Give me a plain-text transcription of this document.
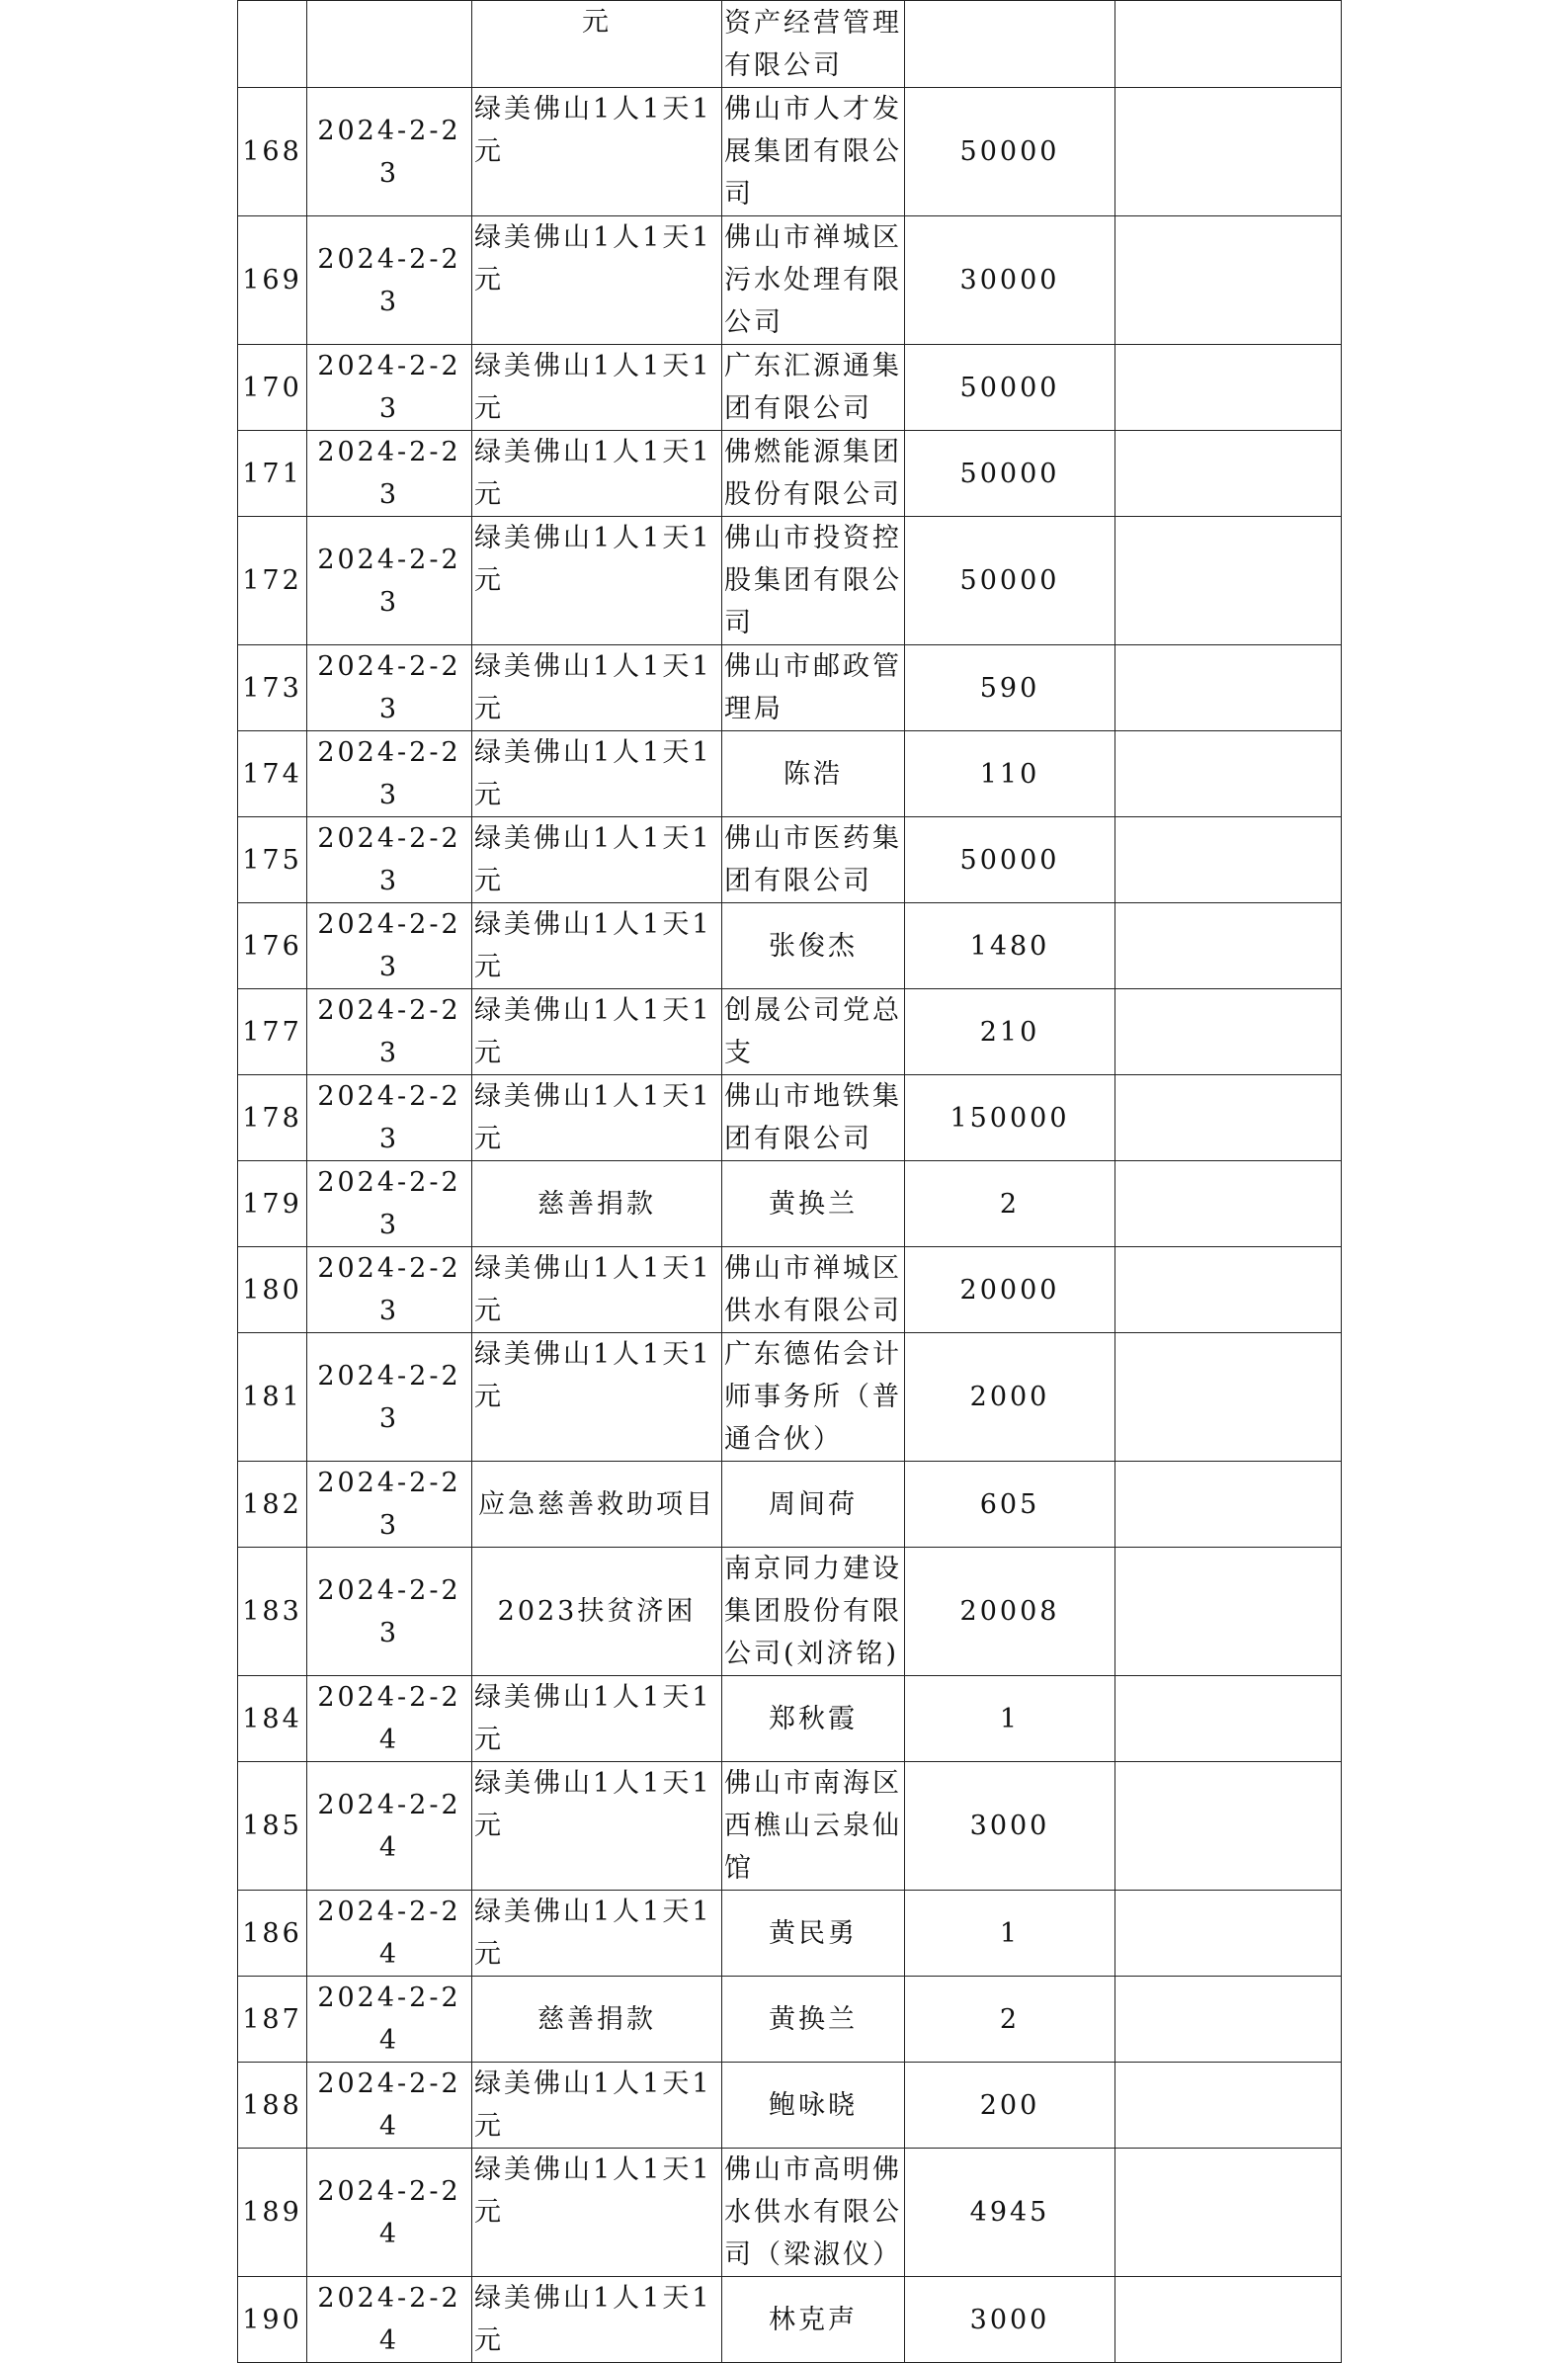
		元	资产经营管理有限公司		
168	2024-2-23	绿美佛山1人1天1元	佛山市人才发展集团有限公司	50000	
169	2024-2-23	绿美佛山1人1天1元	佛山市禅城区污水处理有限公司	30000	
170	2024-2-23	绿美佛山1人1天1元	广东汇源通集团有限公司	50000	
171	2024-2-23	绿美佛山1人1天1元	佛燃能源集团股份有限公司	50000	
172	2024-2-23	绿美佛山1人1天1元	佛山市投资控股集团有限公司	50000	
173	2024-2-23	绿美佛山1人1天1元	佛山市邮政管理局	590	
174	2024-2-23	绿美佛山1人1天1元	陈浩	110	
175	2024-2-23	绿美佛山1人1天1元	佛山市医药集团有限公司	50000	
176	2024-2-23	绿美佛山1人1天1元	张俊杰	1480	
177	2024-2-23	绿美佛山1人1天1元	创晟公司党总支	210	
178	2024-2-23	绿美佛山1人1天1元	佛山市地铁集团有限公司	150000	
179	2024-2-23	慈善捐款	黄换兰	2	
180	2024-2-23	绿美佛山1人1天1元	佛山市禅城区供水有限公司	20000	
181	2024-2-23	绿美佛山1人1天1元	广东德佑会计师事务所（普通合伙）	2000	
182	2024-2-23	应急慈善救助项目	周间荷	605	
183	2024-2-23	2023扶贫济困	南京同力建设集团股份有限公司(刘济铭)	20008	
184	2024-2-24	绿美佛山1人1天1元	郑秋霞	1	
185	2024-2-24	绿美佛山1人1天1元	佛山市南海区西樵山云泉仙馆	3000	
186	2024-2-24	绿美佛山1人1天1元	黄民勇	1	
187	2024-2-24	慈善捐款	黄换兰	2	
188	2024-2-24	绿美佛山1人1天1元	鲍咏晓	200	
189	2024-2-24	绿美佛山1人1天1元	佛山市高明佛水供水有限公司（梁淑仪）	4945	
190	2024-2-24	绿美佛山1人1天1元	林克声	3000	
